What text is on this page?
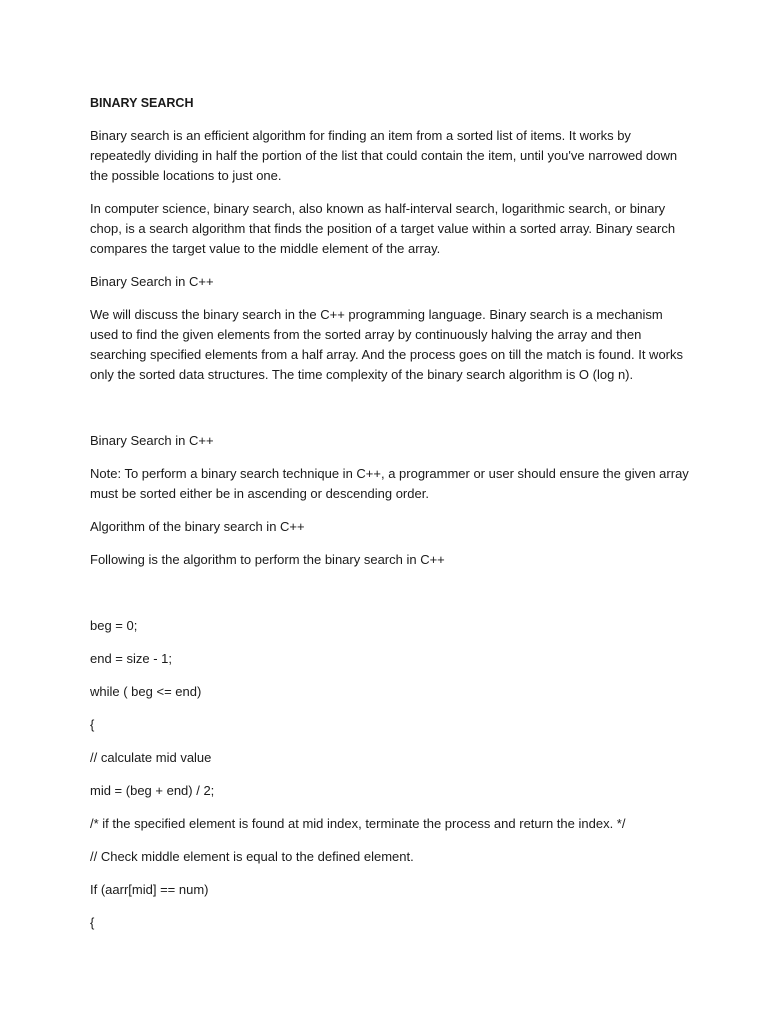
BINARY SEARCH

Binary search is an efficient algorithm for finding an item from a sorted list of items. It works by repeatedly dividing in half the portion of the list that could contain the item, until you've narrowed down the possible locations to just one.

In computer science, binary search, also known as half-interval search, logarithmic search, or binary chop, is a search algorithm that finds the position of a target value within a sorted array. Binary search compares the target value to the middle element of the array.

Binary Search in C++

We will discuss the binary search in the C++ programming language. Binary search is a mechanism used to find the given elements from the sorted array by continuously halving the array and then searching specified elements from a half array. And the process goes on till the match is found. It works only the sorted data structures. The time complexity of the binary search algorithm is O (log n).

Binary Search in C++

Note: To perform a binary search technique in C++, a programmer or user should ensure the given array must be sorted either be in ascending or descending order.

Algorithm of the binary search in C++

Following is the algorithm to perform the binary search in C++

beg = 0;

end = size - 1;

while ( beg <= end)

{

// calculate mid value

mid = (beg + end) / 2;

/* if the specified element is found at mid index, terminate the process and return the index. */

// Check middle element is equal to the defined element.

If (aarr[mid] == num)

{
